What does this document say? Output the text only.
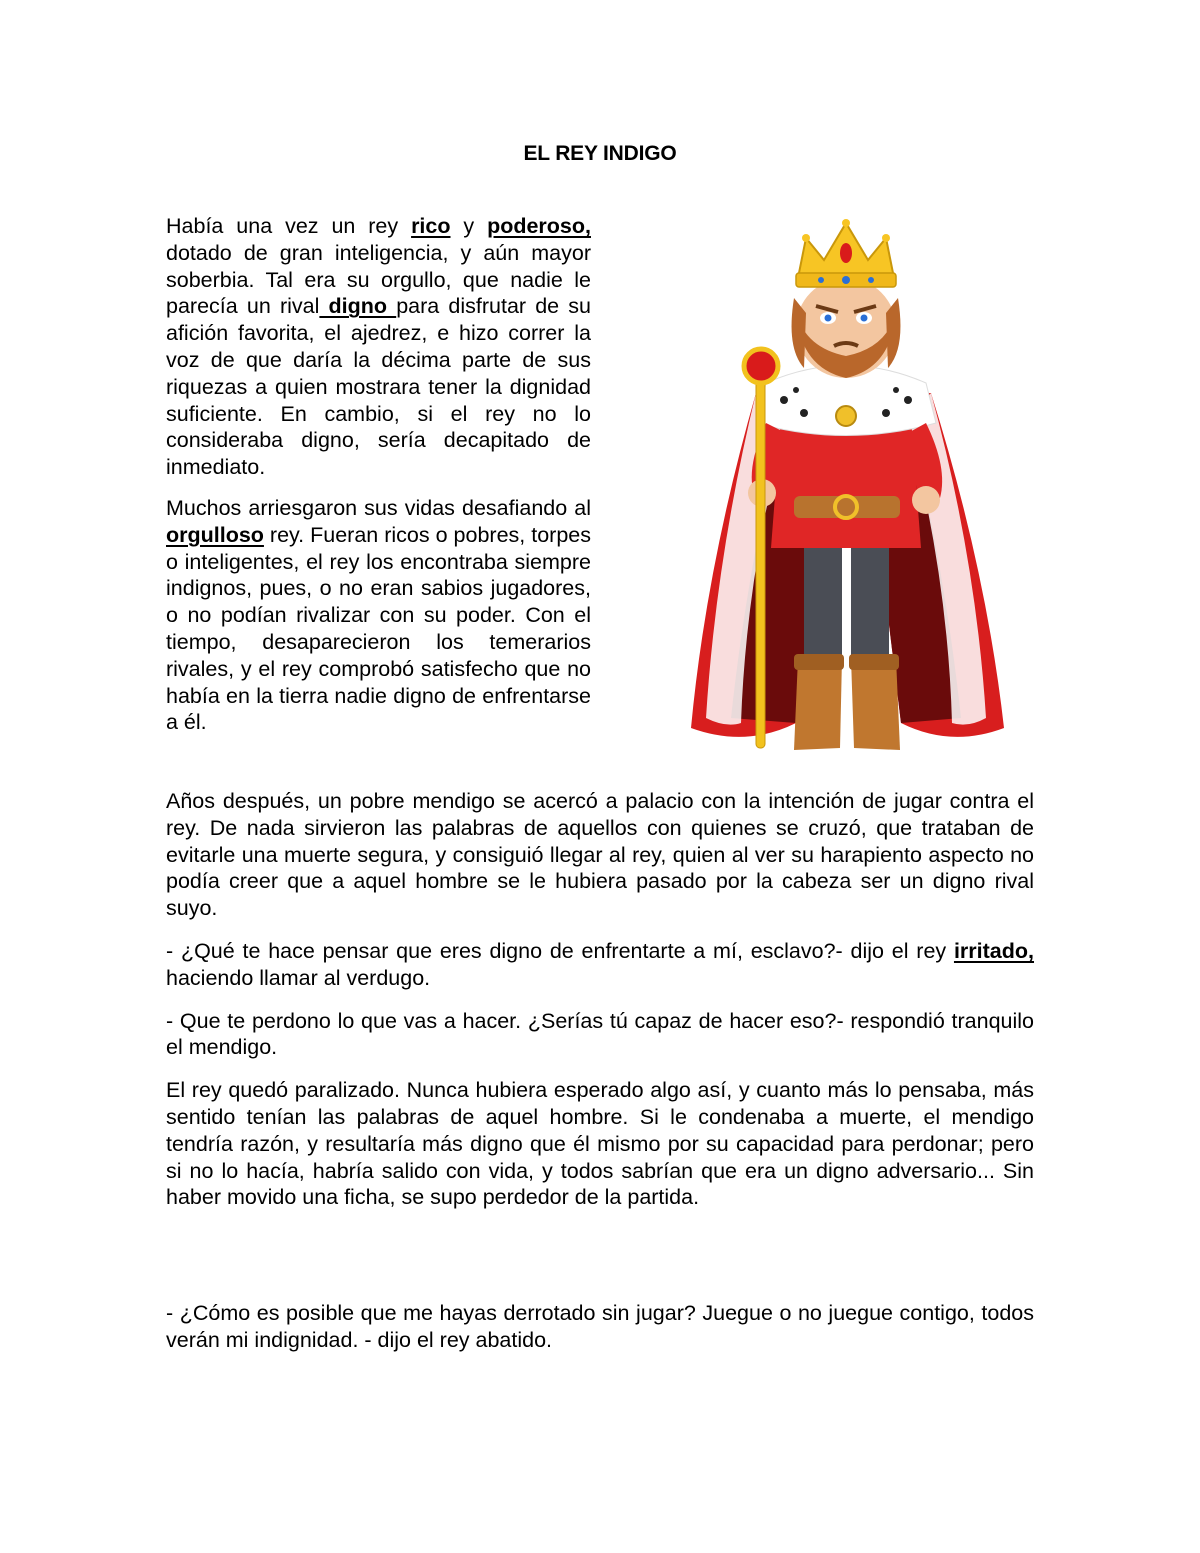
EL REY INDIGO

Había una vez un rey rico y poderoso, dotado de gran inteligencia, y aún mayor soberbia. Tal era su orgullo, que nadie le parecía un rival digno para disfrutar de su afición favorita, el ajedrez, e hizo correr la voz de que daría la décima parte de sus riquezas a quien mostrara tener la dignidad suficiente. En cambio, si el rey no lo consideraba digno, sería decapitado de inmediato.

Muchos arriesgaron sus vidas desafiando al orgulloso rey. Fueran ricos o pobres, torpes o inteligentes, el rey los encontraba siempre indignos, pues, o no eran sabios jugadores, o no podían rivalizar con su poder. Con el tiempo, desaparecieron los temerarios rivales, y el rey comprobó satisfecho que no había en la tierra nadie digno de enfrentarse a él.

Años después, un pobre mendigo se acercó a palacio con la intención de jugar contra el rey. De nada sirvieron las palabras de aquellos con quienes se cruzó, que trataban de evitarle una muerte segura, y consiguió llegar al rey, quien al ver su harapiento aspecto no podía creer que a aquel hombre se le hubiera pasado por la cabeza ser un digno rival suyo.

- ¿Qué te hace pensar que eres digno de enfrentarte a mí, esclavo?- dijo el rey irritado, haciendo llamar al verdugo.

- Que te perdono lo que vas a hacer. ¿Serías tú capaz de hacer eso?- respondió tranquilo el mendigo.

El rey quedó paralizado. Nunca hubiera esperado algo así, y cuanto más lo pensaba, más sentido tenían las palabras de aquel hombre. Si le condenaba a muerte, el mendigo tendría razón, y resultaría más digno que él mismo por su capacidad para perdonar; pero si no lo hacía, habría salido con vida, y todos sabrían que era un digno adversario... Sin haber movido una ficha, se supo perdedor de la partida.

- ¿Cómo es posible que me hayas derrotado sin jugar? Juegue o no juegue contigo, todos verán mi indignidad. - dijo el rey abatido.
